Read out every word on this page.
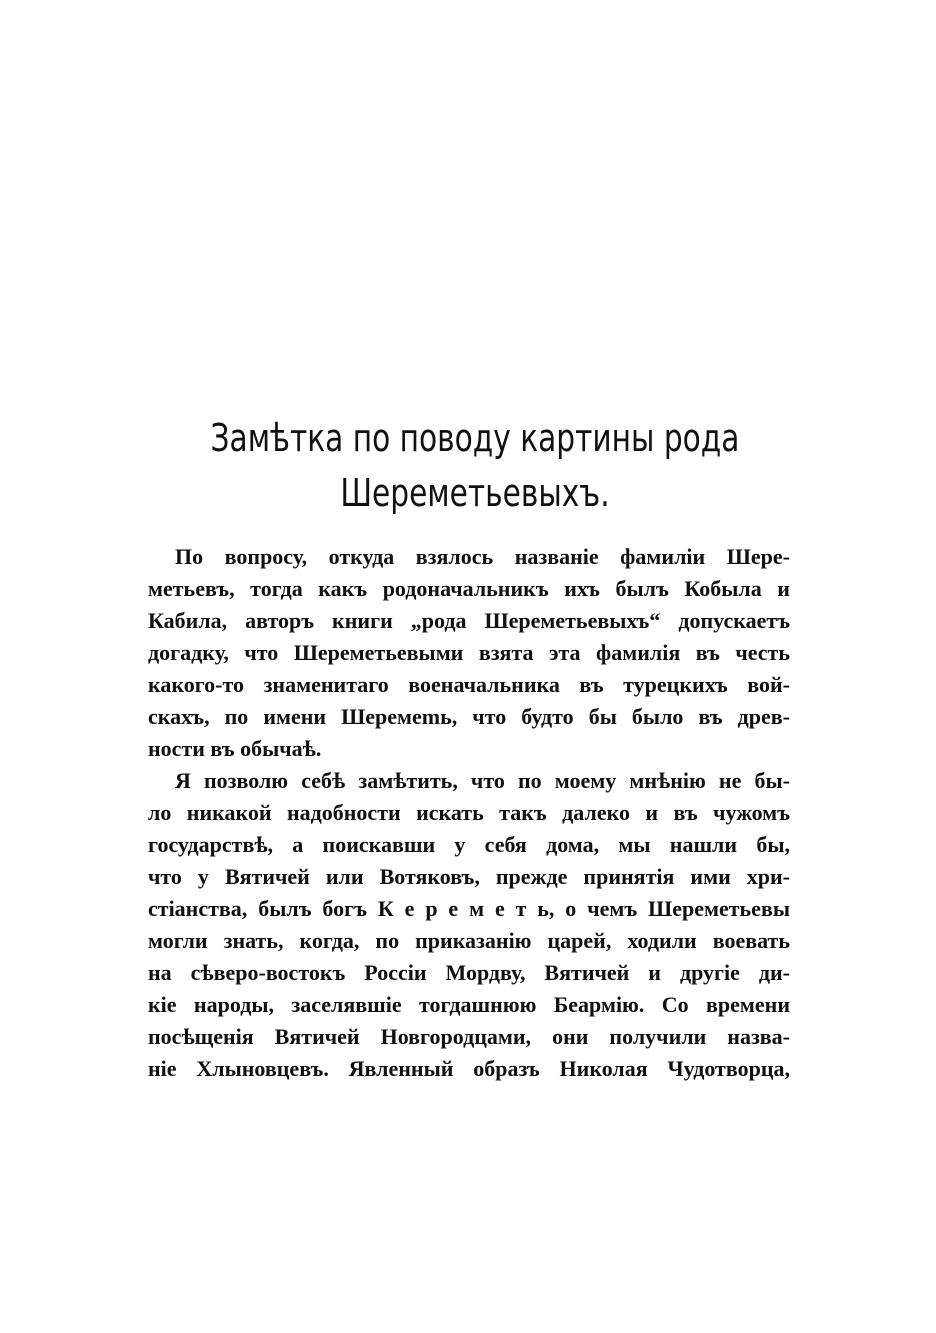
Замѣтка по поводу картины рода
Шереметьевыхъ.
По вопросу, откуда взялось названіе фамиліи Шере-
метьевъ, тогда какъ родоначальникъ ихъ былъ Кобыла и
Кабила, авторъ книги „рода Шереметьевыхъ“ допускаетъ
догадку, что Шереметьевыми взята эта фамилія въ честь
какого-то знаменитаго военачальника въ турецкихъ вой-
скахъ, по имени Шеремеmь, что будто бы было въ древ-
ности въ обычаѣ.
Я позволю себѣ замѣтить, что по моему мнѣнію не бы-
ло никакой надобности искать такъ далеко и въ чужомъ
государствѣ, а поискавши у себя дома, мы нашли бы,
что у Вятичей или Вотяковъ, прежде принятія ими хри-
стіанства, былъ богъ К е р е м е т ь, о чемъ Шереметьевы
могли знать, когда, по приказанію царей, ходили воевать
на сѣверо-востокъ Россіи Мордву, Вятичей и другіе ди-
кіе народы, заселявшіе тогдашнюю Беармію. Со времени
посѣщенія Вятичей Новгородцами, они получили назва-
ніе Хлыновцевъ. Явленный образъ Николая Чудотворца,
